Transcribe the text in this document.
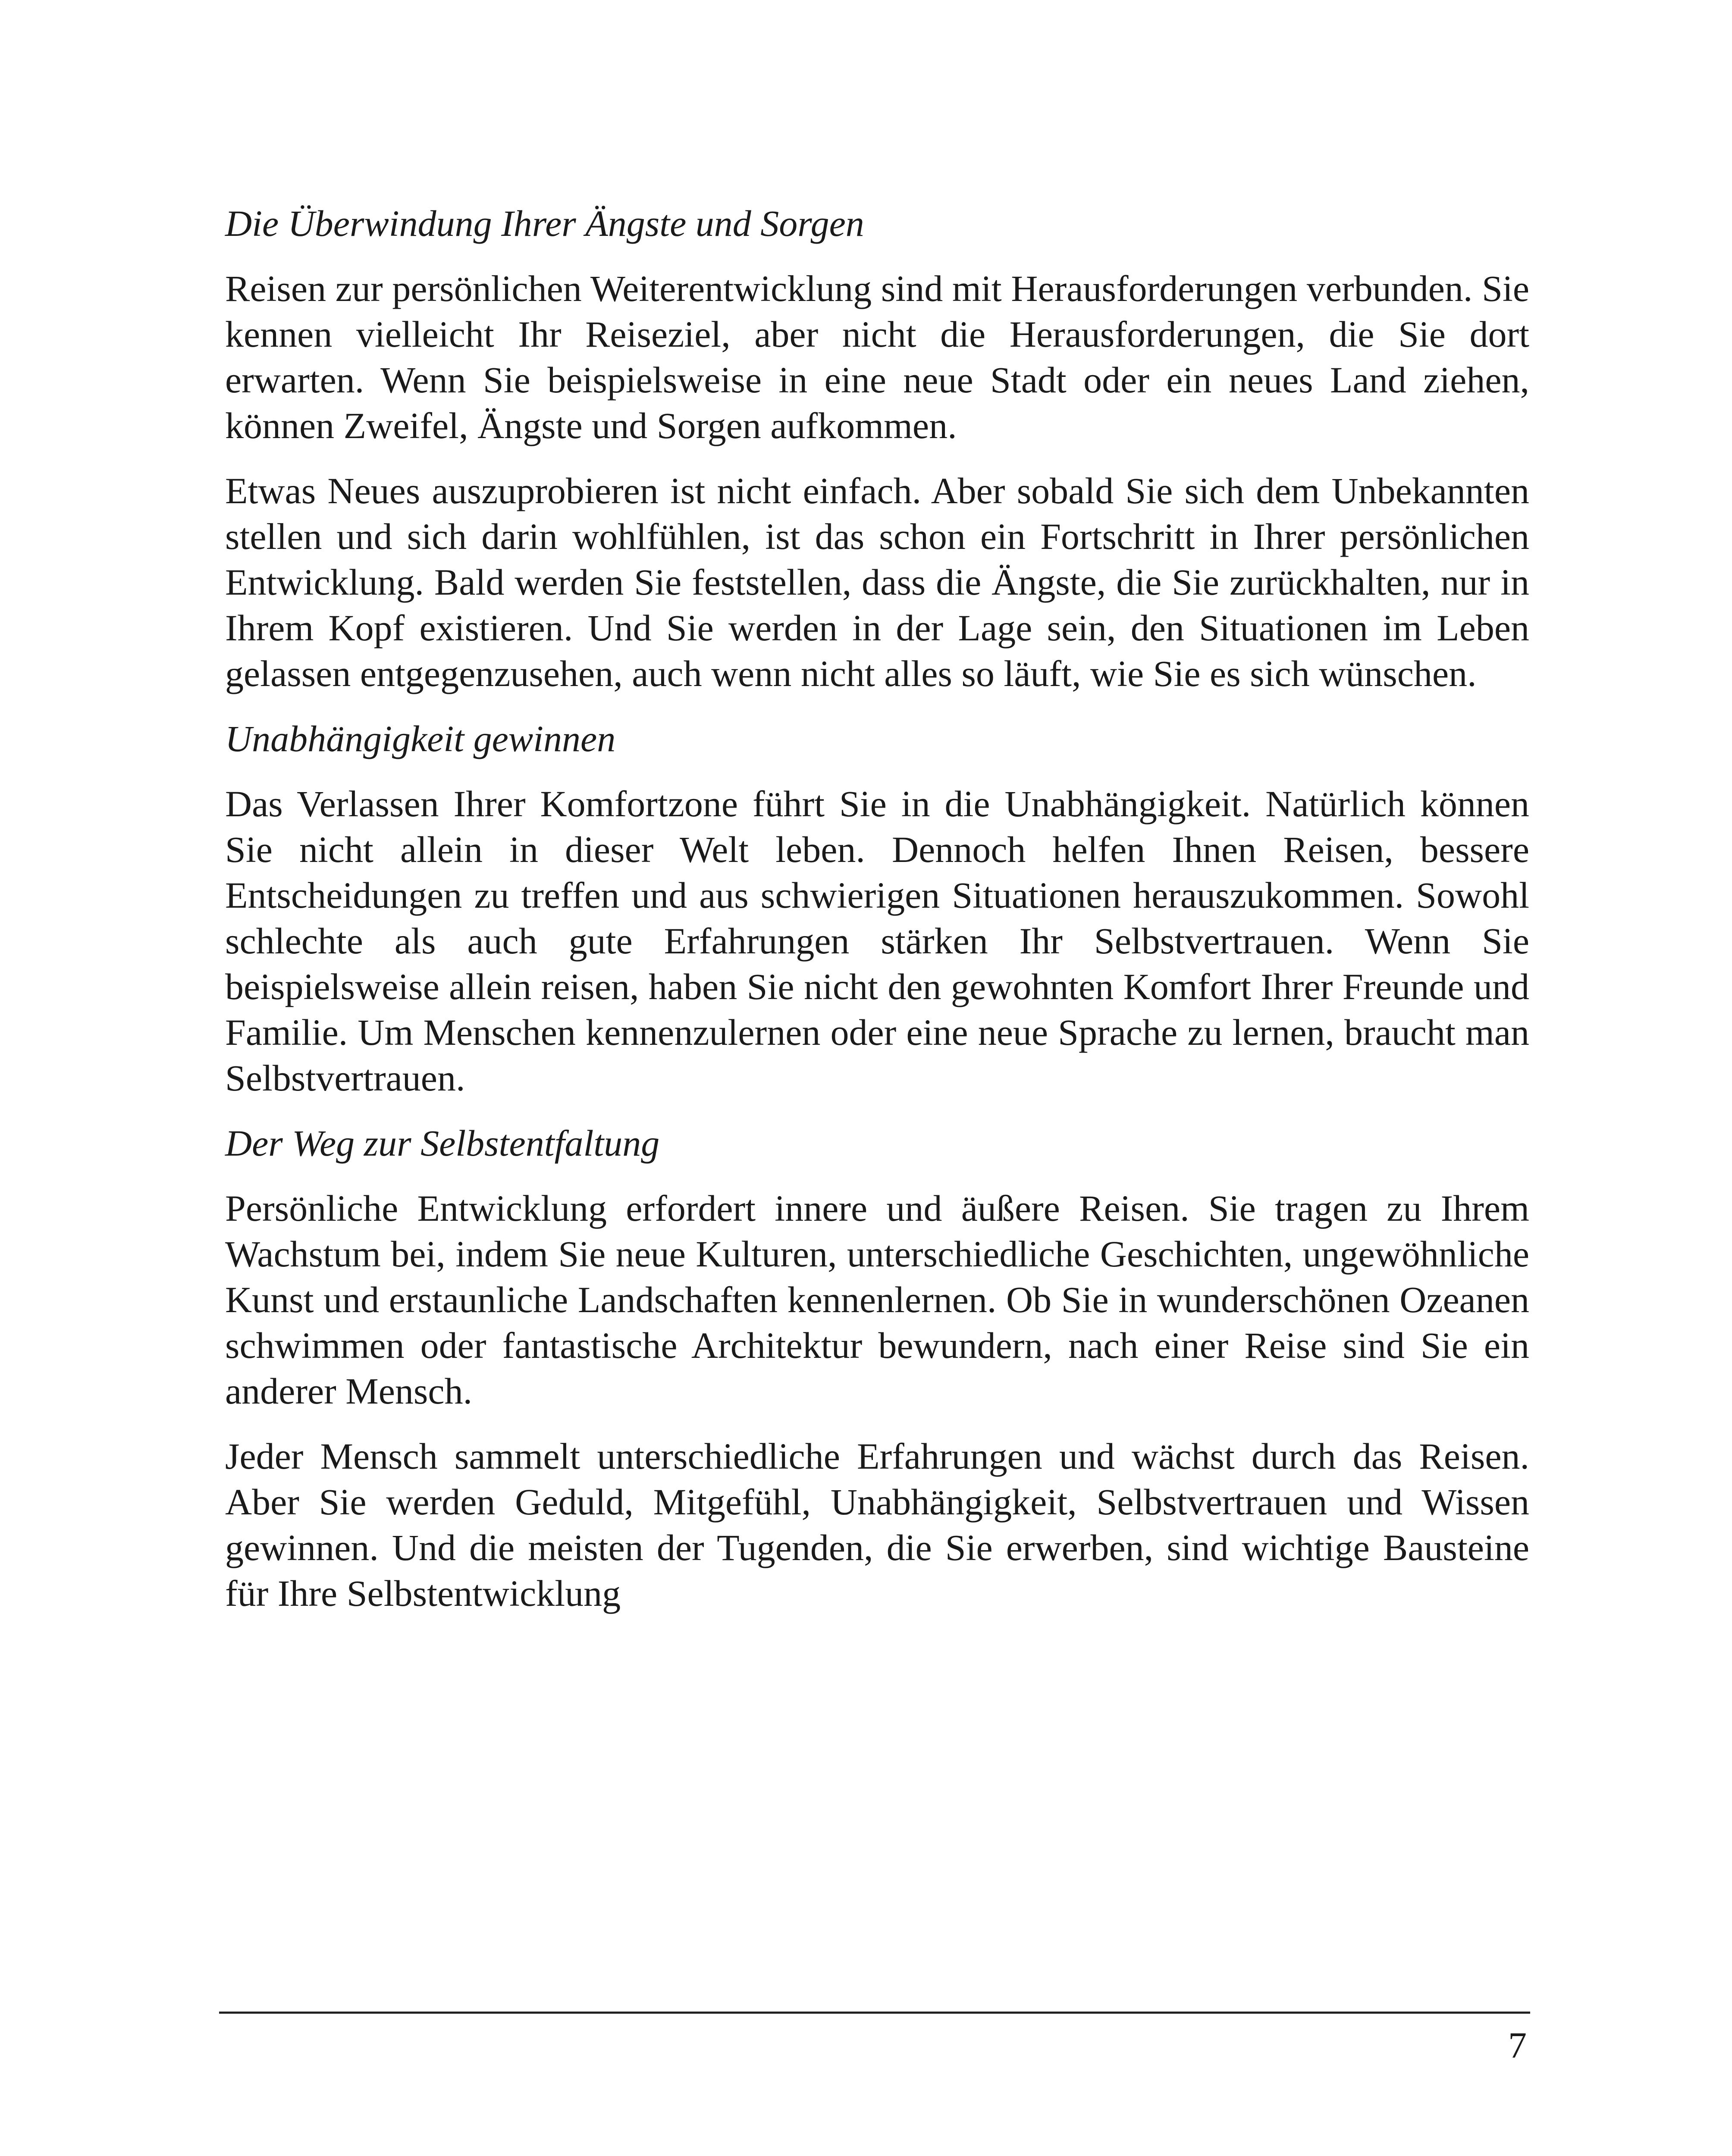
Die Überwindung Ihrer Ängste und Sorgen

Reisen zur persönlichen Weiterentwicklung sind mit Herausforderungen verbunden. Sie kennen vielleicht Ihr Reiseziel, aber nicht die Herausforderungen, die Sie dort erwarten. Wenn Sie beispielsweise in eine neue Stadt oder ein neues Land ziehen, können Zweifel, Ängste und Sorgen aufkommen.

Etwas Neues auszuprobieren ist nicht einfach. Aber sobald Sie sich dem Unbekannten stellen und sich darin wohlfühlen, ist das schon ein Fortschritt in Ihrer persönlichen Entwicklung. Bald werden Sie feststellen, dass die Ängste, die Sie zurückhalten, nur in Ihrem Kopf existieren. Und Sie werden in der Lage sein, den Situationen im Leben gelassen entgegenzusehen, auch wenn nicht alles so läuft, wie Sie es sich wünschen.

Unabhängigkeit gewinnen

Das Verlassen Ihrer Komfortzone führt Sie in die Unabhängigkeit. Natürlich können Sie nicht allein in dieser Welt leben. Dennoch helfen Ihnen Reisen, bessere Entscheidungen zu treffen und aus schwierigen Situationen herauszukommen. Sowohl schlechte als auch gute Erfahrungen stärken Ihr Selbstvertrauen. Wenn Sie beispielsweise allein reisen, haben Sie nicht den gewohnten Komfort Ihrer Freunde und Familie. Um Menschen kennenzulernen oder eine neue Sprache zu lernen, braucht man Selbstvertrauen.

Der Weg zur Selbstentfaltung

Persönliche Entwicklung erfordert innere und äußere Reisen. Sie tragen zu Ihrem Wachstum bei, indem Sie neue Kulturen, unterschiedliche Geschichten, ungewöhnliche Kunst und erstaunliche Landschaften kennenlernen. Ob Sie in wunderschönen Ozeanen schwimmen oder fantastische Architektur bewundern, nach einer Reise sind Sie ein anderer Mensch.

Jeder Mensch sammelt unterschiedliche Erfahrungen und wächst durch das Reisen. Aber Sie werden Geduld, Mitgefühl, Unabhängigkeit, Selbstvertrauen und Wissen gewinnen. Und die meisten der Tugenden, die Sie erwerben, sind wichtige Bausteine für Ihre Selbstentwicklung

7
